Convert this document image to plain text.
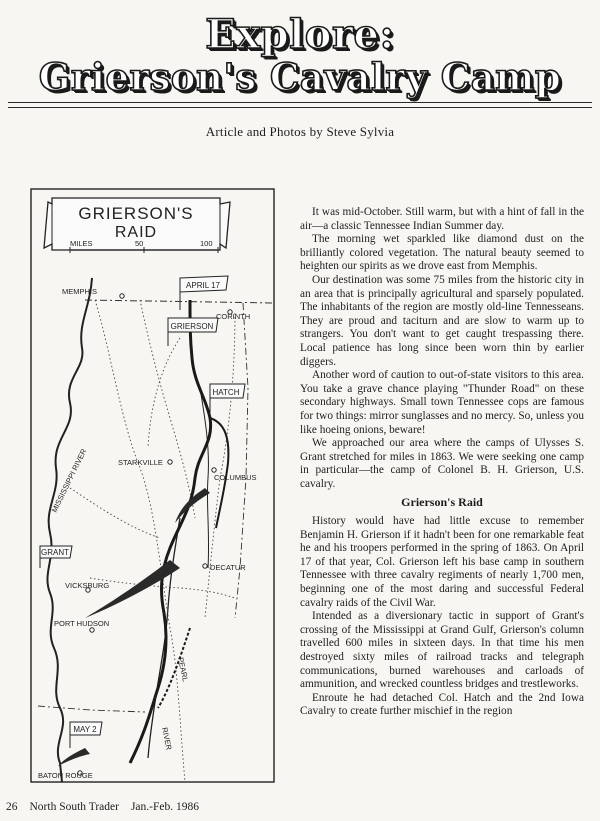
Explore:
Grierson's Cavalry Camp
Article and Photos by Steve Sylvia
GRIERSON'S
RAID
MILES	50	100
APRIL 17
GRIERSON
HATCH
GRANT
MAY 2
MEMPHIS
CORINTH
STARKVILLE
COLUMBUS
DECATUR
VICKSBURG
PORT HUDSON
BATON ROUGE
MISSISSIPPI RIVER
PEARL
RIVER

It was mid-October. Still warm, but with a hint of fall in the air—a classic Tennessee Indian Summer day.

The morning wet sparkled like diamond dust on the brilliantly colored vegetation. The natural beauty seemed to heighten our spirits as we drove east from Memphis.

Our destination was some 75 miles from the historic city in an area that is principally agricultural and sparsely populated. The inhabitants of the region are mostly old-line Tennesseans. They are proud and taciturn and are slow to warm up to strangers. You don't want to get caught trespassing there. Local patience has long since been worn thin by earlier diggers.

Another word of caution to out-of-state visitors to this area. You take a grave chance playing "Thunder Road" on these secondary highways. Small town Tennessee cops are famous for two things: mirror sunglasses and no mercy. So, unless you like hoeing onions, beware!

We approached our area where the camps of Ulysses S. Grant stretched for miles in 1863. We were seeking one camp in particular—the camp of Colonel B. H. Grierson, U.S. cavalry.

Grierson's Raid

History would have had little excuse to remember Benjamin H. Grierson if it hadn't been for one remarkable feat he and his troopers performed in the spring of 1863. On April 17 of that year, Col. Grierson left his base camp in southern Tennessee with three cavalry regiments of nearly 1,700 men, beginning one of the most daring and successful Federal cavalry raids of the Civil War.

Intended as a diversionary tactic in support of Grant's crossing of the Mississippi at Grand Gulf, Grierson's column travelled 600 miles in sixteen days. In that time his men destroyed sixty miles of railroad tracks and telegraph communications, burned warehouses and carloads of ammunition, and wrecked countless bridges and trestleworks.

Enroute he had detached Col. Hatch and the 2nd Iowa Cavalry to create further mischief in the region

26 North South Trader Jan.-Feb. 1986
